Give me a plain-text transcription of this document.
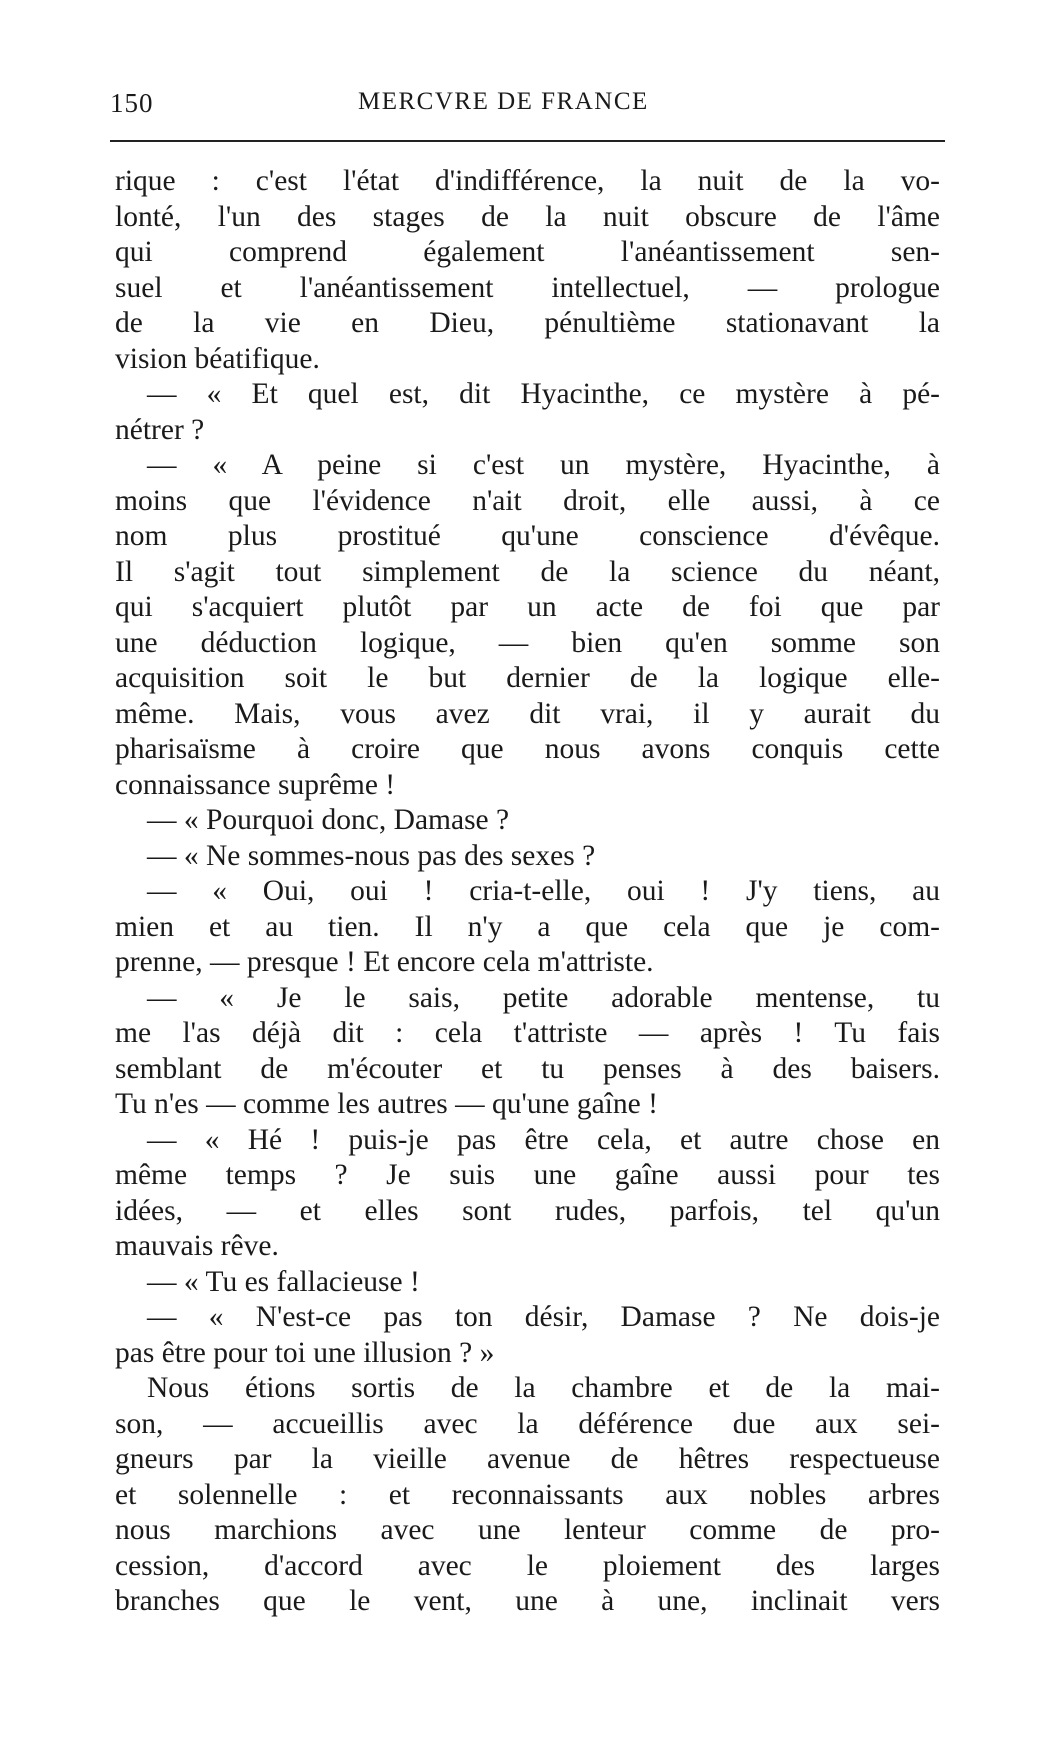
150	MERCVRE DE FRANCE
rique : c'est l'état d'indifférence, la nuit de la vo-
lonté, l'un des stages de la nuit obscure de l'âme
qui comprend également l'anéantissement sen-
suel et l'anéantissement intellectuel, — prologue
de la vie en Dieu, pénultième stationavant la
vision béatifique.
— « Et quel est, dit Hyacinthe, ce mystère à pé-
nétrer ?
— « A peine si c'est un mystère, Hyacinthe, à
moins que l'évidence n'ait droit, elle aussi, à ce
nom plus prostitué qu'une conscience d'évêque.
Il s'agit tout simplement de la science du néant,
qui s'acquiert plutôt par un acte de foi que par
une déduction logique, — bien qu'en somme son
acquisition soit le but dernier de la logique elle-
même. Mais, vous avez dit vrai, il y aurait du
pharisaïsme à croire que nous avons conquis cette
connaissance suprême !
— « Pourquoi donc, Damase ?
— « Ne sommes-nous pas des sexes ?
— « Oui, oui ! cria-t-elle, oui ! J'y tiens, au
mien et au tien. Il n'y a que cela que je com-
prenne, — presque ! Et encore cela m'attriste.
— « Je le sais, petite adorable mentense, tu
me l'as déjà dit : cela t'attriste — après ! Tu fais
semblant de m'écouter et tu penses à des baisers.
Tu n'es — comme les autres — qu'une gaîne !
— « Hé ! puis-je pas être cela, et autre chose en
même temps ? Je suis une gaîne aussi pour tes
idées, — et elles sont rudes, parfois, tel qu'un
mauvais rêve.
— « Tu es fallacieuse !
— « N'est-ce pas ton désir, Damase ? Ne dois-je
pas être pour toi une illusion ? »
Nous étions sortis de la chambre et de la mai-
son, — accueillis avec la déférence due aux sei-
gneurs par la vieille avenue de hêtres respectueuse
et solennelle : et reconnaissants aux nobles arbres
nous marchions avec une lenteur comme de pro-
cession, d'accord avec le ploiement des larges
branches que le vent, une à une, inclinait vers
